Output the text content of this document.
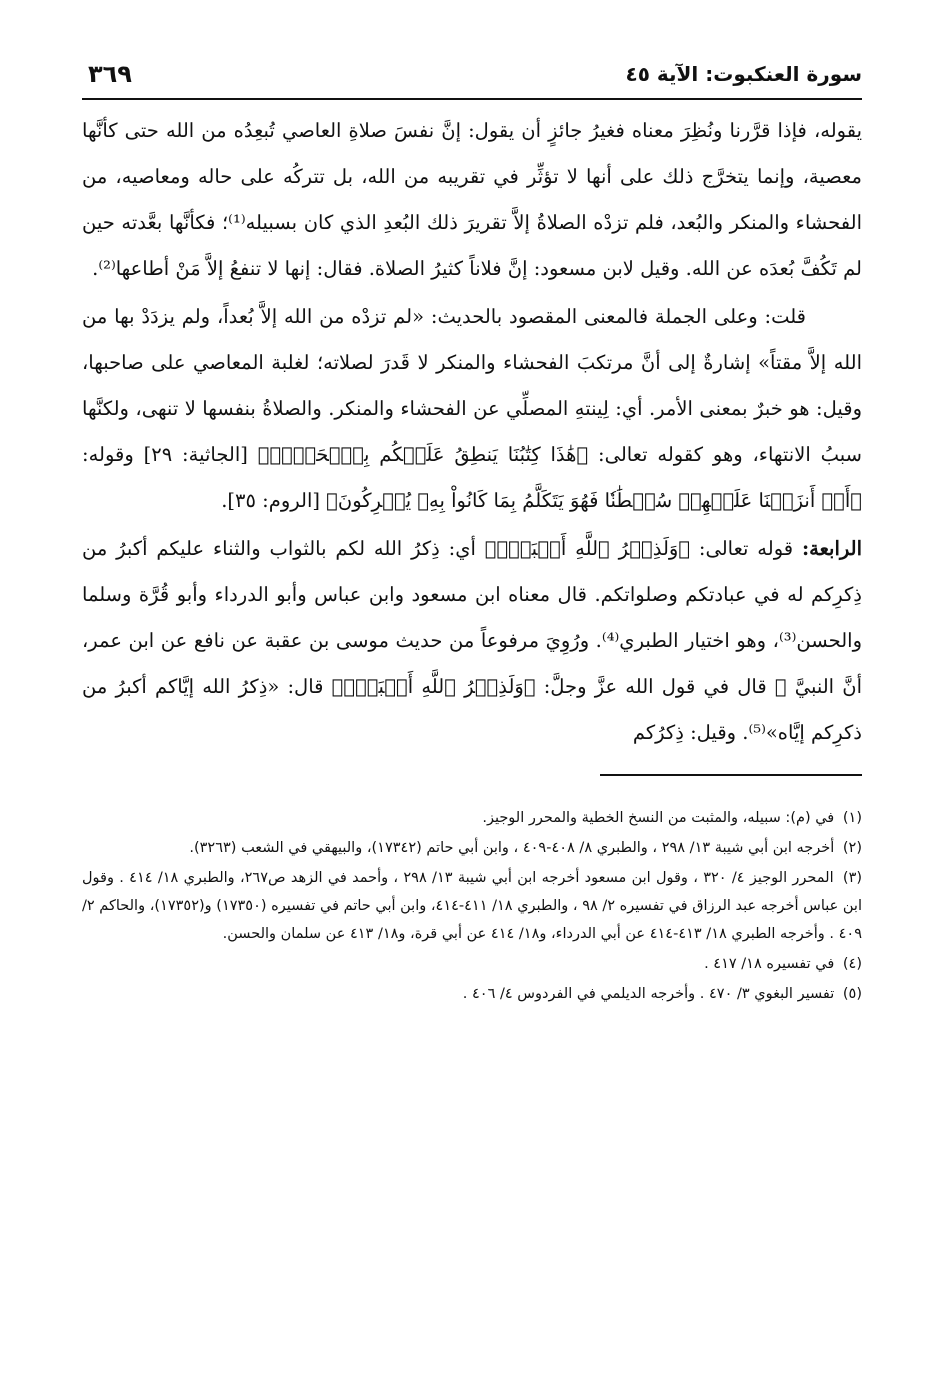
سورة العنكبوت: الآية ٤٥
٣٦٩

يقوله، فإذا قرَّرنا ونُظِرَ معناه فغيرُ جائزٍ أن يقول: إنَّ نفسَ صلاةِ العاصي تُبعِدُه من الله حتى كأنَّها معصية، وإنما يتخرَّج ذلك على أنها لا تؤثِّر في تقريبه من الله، بل تتركُه على حاله ومعاصيه، من الفحشاء والمنكر والبُعد، فلم تزدْه الصلاةُ إلاَّ تقريرَ ذلك البُعدِ الذي كان بسبيله⁽¹⁾؛ فكأنَّها بعَّدته حين لم تَكُفَّ بُعدَه عن الله. وقيل لابن مسعود: إنَّ فلاناً كثيرُ الصلاة. فقال: إنها لا تنفعُ إلاَّ مَنْ أطاعها⁽²⁾.

قلت: وعلى الجملة فالمعنى المقصود بالحديث: «لم تزدْه من الله إلاَّ بُعداً، ولم يزدَدْ بها من الله إلاَّ مقتاً» إشارةٌ إلى أنَّ مرتكبَ الفحشاء والمنكر لا قَدرَ لصلاته؛ لغلبة المعاصي على صاحبها، وقيل: هو خبرٌ بمعنى الأمر. أي: لِينتهِ المصلِّي عن الفحشاء والمنكر. والصلاةُ بنفسها لا تنهى، ولكنَّها سببُ الانتهاء، وهو كقوله تعالى: ﴿هَٰذَا كِتَٰبُنَا يَنطِقُ عَلَيۡكُم بِٱلۡحَقِّۚ﴾ [الجاثية: ٢٩] وقوله: ﴿أَمۡ أَنزَلۡنَا عَلَيۡهِمۡ سُلۡطَٰنٗا فَهُوَ يَتَكَلَّمُ بِمَا كَانُواْ بِهِۦ يُشۡرِكُونَ﴾ [الروم: ٣٥].

الرابعة: قوله تعالى: ﴿وَلَذِكۡرُ ٱللَّهِ أَكۡبَرُۗ﴾ أي: ذِكرُ الله لكم بالثواب والثناء عليكم أكبرُ من ذِكرِكم له في عبادتكم وصلواتكم. قال معناه ابن مسعود وابن عباس وأبو الدرداء وأبو قُرَّة وسلما والحسن⁽³⁾، وهو اختيار الطبري⁽⁴⁾. ورُوِيَ مرفوعاً من حديث موسى بن عقبة عن نافع عن ابن عمر، أنَّ النبيَّ ﷺ قال في قول الله عزَّ وجلَّ: ﴿وَلَذِكۡرُ ٱللَّهِ أَكۡبَرُۗ﴾ قال: «ذِكرُ الله إيَّاكم أكبرُ من ذكرِكم إيَّاه»⁽⁵⁾. وقيل: ذِكرُكم

(١) في (م): سبيله، والمثبت من النسخ الخطية والمحرر الوجيز.

(٢) أخرجه ابن أبي شيبة ١٣/ ٢٩٨ ، والطبري ٨/ ٤٠٨-٤٠٩ ، وابن أبي حاتم (١٧٣٤٢)، والبيهقي في الشعب (٣٢٦٣).

(٣) المحرر الوجيز ٤/ ٣٢٠ ، وقول ابن مسعود أخرجه ابن أبي شيبة ١٣/ ٢٩٨ ، وأحمد في الزهد ص٢٦٧، والطبري ١٨/ ٤١٤ . وقول ابن عباس أخرجه عبد الرزاق في تفسيره ٢/ ٩٨ ، والطبري ١٨/ ٤١١-٤١٤، وابن أبي حاتم في تفسيره (١٧٣٥٠) و(١٧٣٥٢)، والحاكم ٢/ ٤٠٩ . وأخرجه الطبري ١٨/ ٤١٣-٤١٤ عن أبي الدرداء، و١٨/ ٤١٤ عن أبي قرة، و١٨/ ٤١٣ عن سلمان والحسن.

(٤) في تفسيره ١٨/ ٤١٧ .

(٥) تفسير البغوي ٣/ ٤٧٠ . وأخرجه الديلمي في الفردوس ٤/ ٤٠٦ .
